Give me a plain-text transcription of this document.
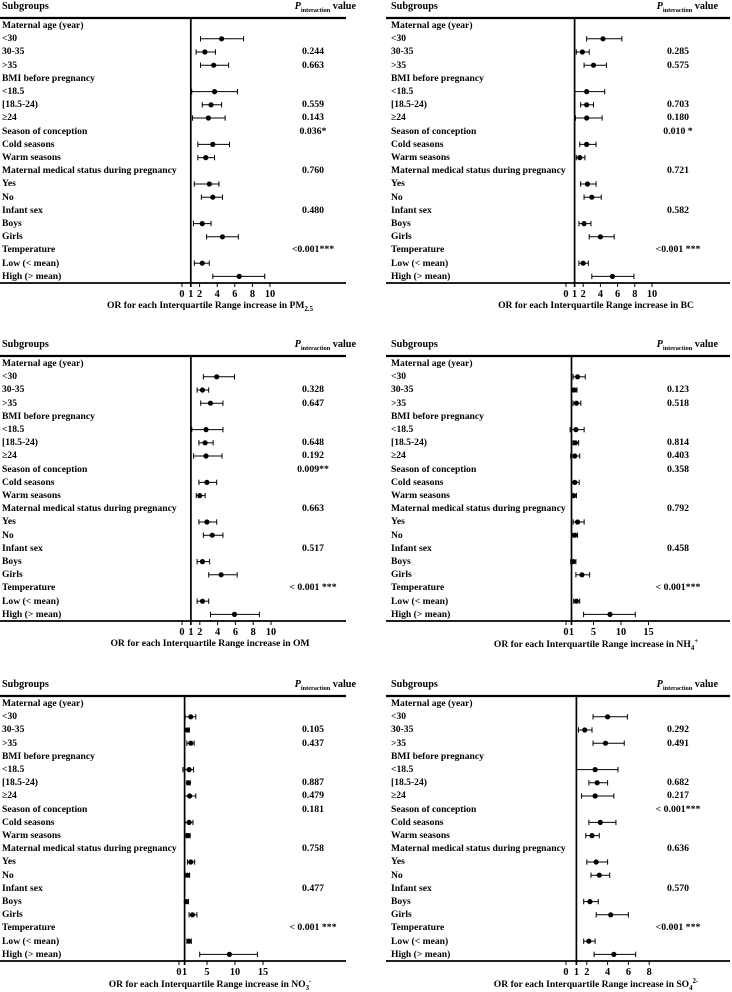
Subgroups	$P_{interaction}$ value
Maternal age (year)
<30
30-35	0.244
>35	0.663
BMI before pregnancy
<18.5
[18.5-24)	0.559
≥24	0.143
Season of conception	0.036*
Cold seasons
Warm seasons
Maternal medical status during pregnancy	0.760
Yes
No
Infant sex	0.480
Boys
Girls
Temperature	<0.001***
Low (< mean)
High (> mean)
0 1 2 4 6 8 10
OR for each Interquartile Range increase in $PM_{2.5}$
Subgroups	$P_{interaction}$ value
Maternal age (year)
<30
30-35	0.285
>35	0.575
BMI before pregnancy
<18.5
[18.5-24)	0.703
≥24	0.180
Season of conception	0.010 *
Cold seasons
Warm seasons
Maternal medical status during pregnancy	0.721
Yes
No
Infant sex	0.582
Boys
Girls
Temperature	<0.001 ***
Low (< mean)
High (> mean)
0 1 2 4 6 8 10
OR for each Interquartile Range increase in BC
Subgroups	$P_{interaction}$ value
Maternal age (year)
<30
30-35	0.328
>35	0.647
BMI before pregnancy
<18.5
[18.5-24)	0.648
≥24	0.192
Season of conception	0.009**
Cold seasons
Warm seasons
Maternal medical status during pregnancy	0.663
Yes
No
Infant sex	0.517
Boys
Girls
Temperature	< 0.001 ***
Low (< mean)
High (> mean)
0 1 2 4 6 8 10
OR for each Interquartile Range increase in OM
Subgroups	$P_{interaction}$ value
Maternal age (year)
<30
30-35	0.123
>35	0.518
BMI before pregnancy
<18.5
[18.5-24)	0.814
≥24	0.403
Season of conception	0.358
Cold seasons
Warm seasons
Maternal medical status during pregnancy	0.792
Yes
No
Infant sex	0.458
Boys
Girls
Temperature	< 0.001***
Low (< mean)
High (> mean)
0 1 5 10 15
OR for each Interquartile Range increase in $NH_4^+$
Subgroups	$P_{interaction}$ value
Maternal age (year)
<30
30-35	0.105
>35	0.437
BMI before pregnancy
<18.5
[18.5-24)	0.887
≥24	0.479
Season of conception	0.181
Cold seasons
Warm seasons
Maternal medical status during pregnancy	0.758
Yes
No
Infant sex	0.477
Boys
Girls
Temperature	< 0.001 ***
Low (< mean)
High (> mean)
0 1 5 10 15
OR for each Interquartile Range increase in $NO_3^-$
Subgroups	$P_{interaction}$ value
Maternal age (year)
<30
30-35	0.292
>35	0.491
BMI before pregnancy
<18.5
[18.5-24)	0.682
≥24	0.217
Season of conception	< 0.001***
Cold seasons
Warm seasons
Maternal medical status during pregnancy	0.636
Yes
No
Infant sex	0.570
Boys
Girls
Temperature	<0.001 ***
Low (< mean)
High (> mean)
0 1 2 4 6 8
OR for each Interquartile Range increase in $SO_4^{2-}$
